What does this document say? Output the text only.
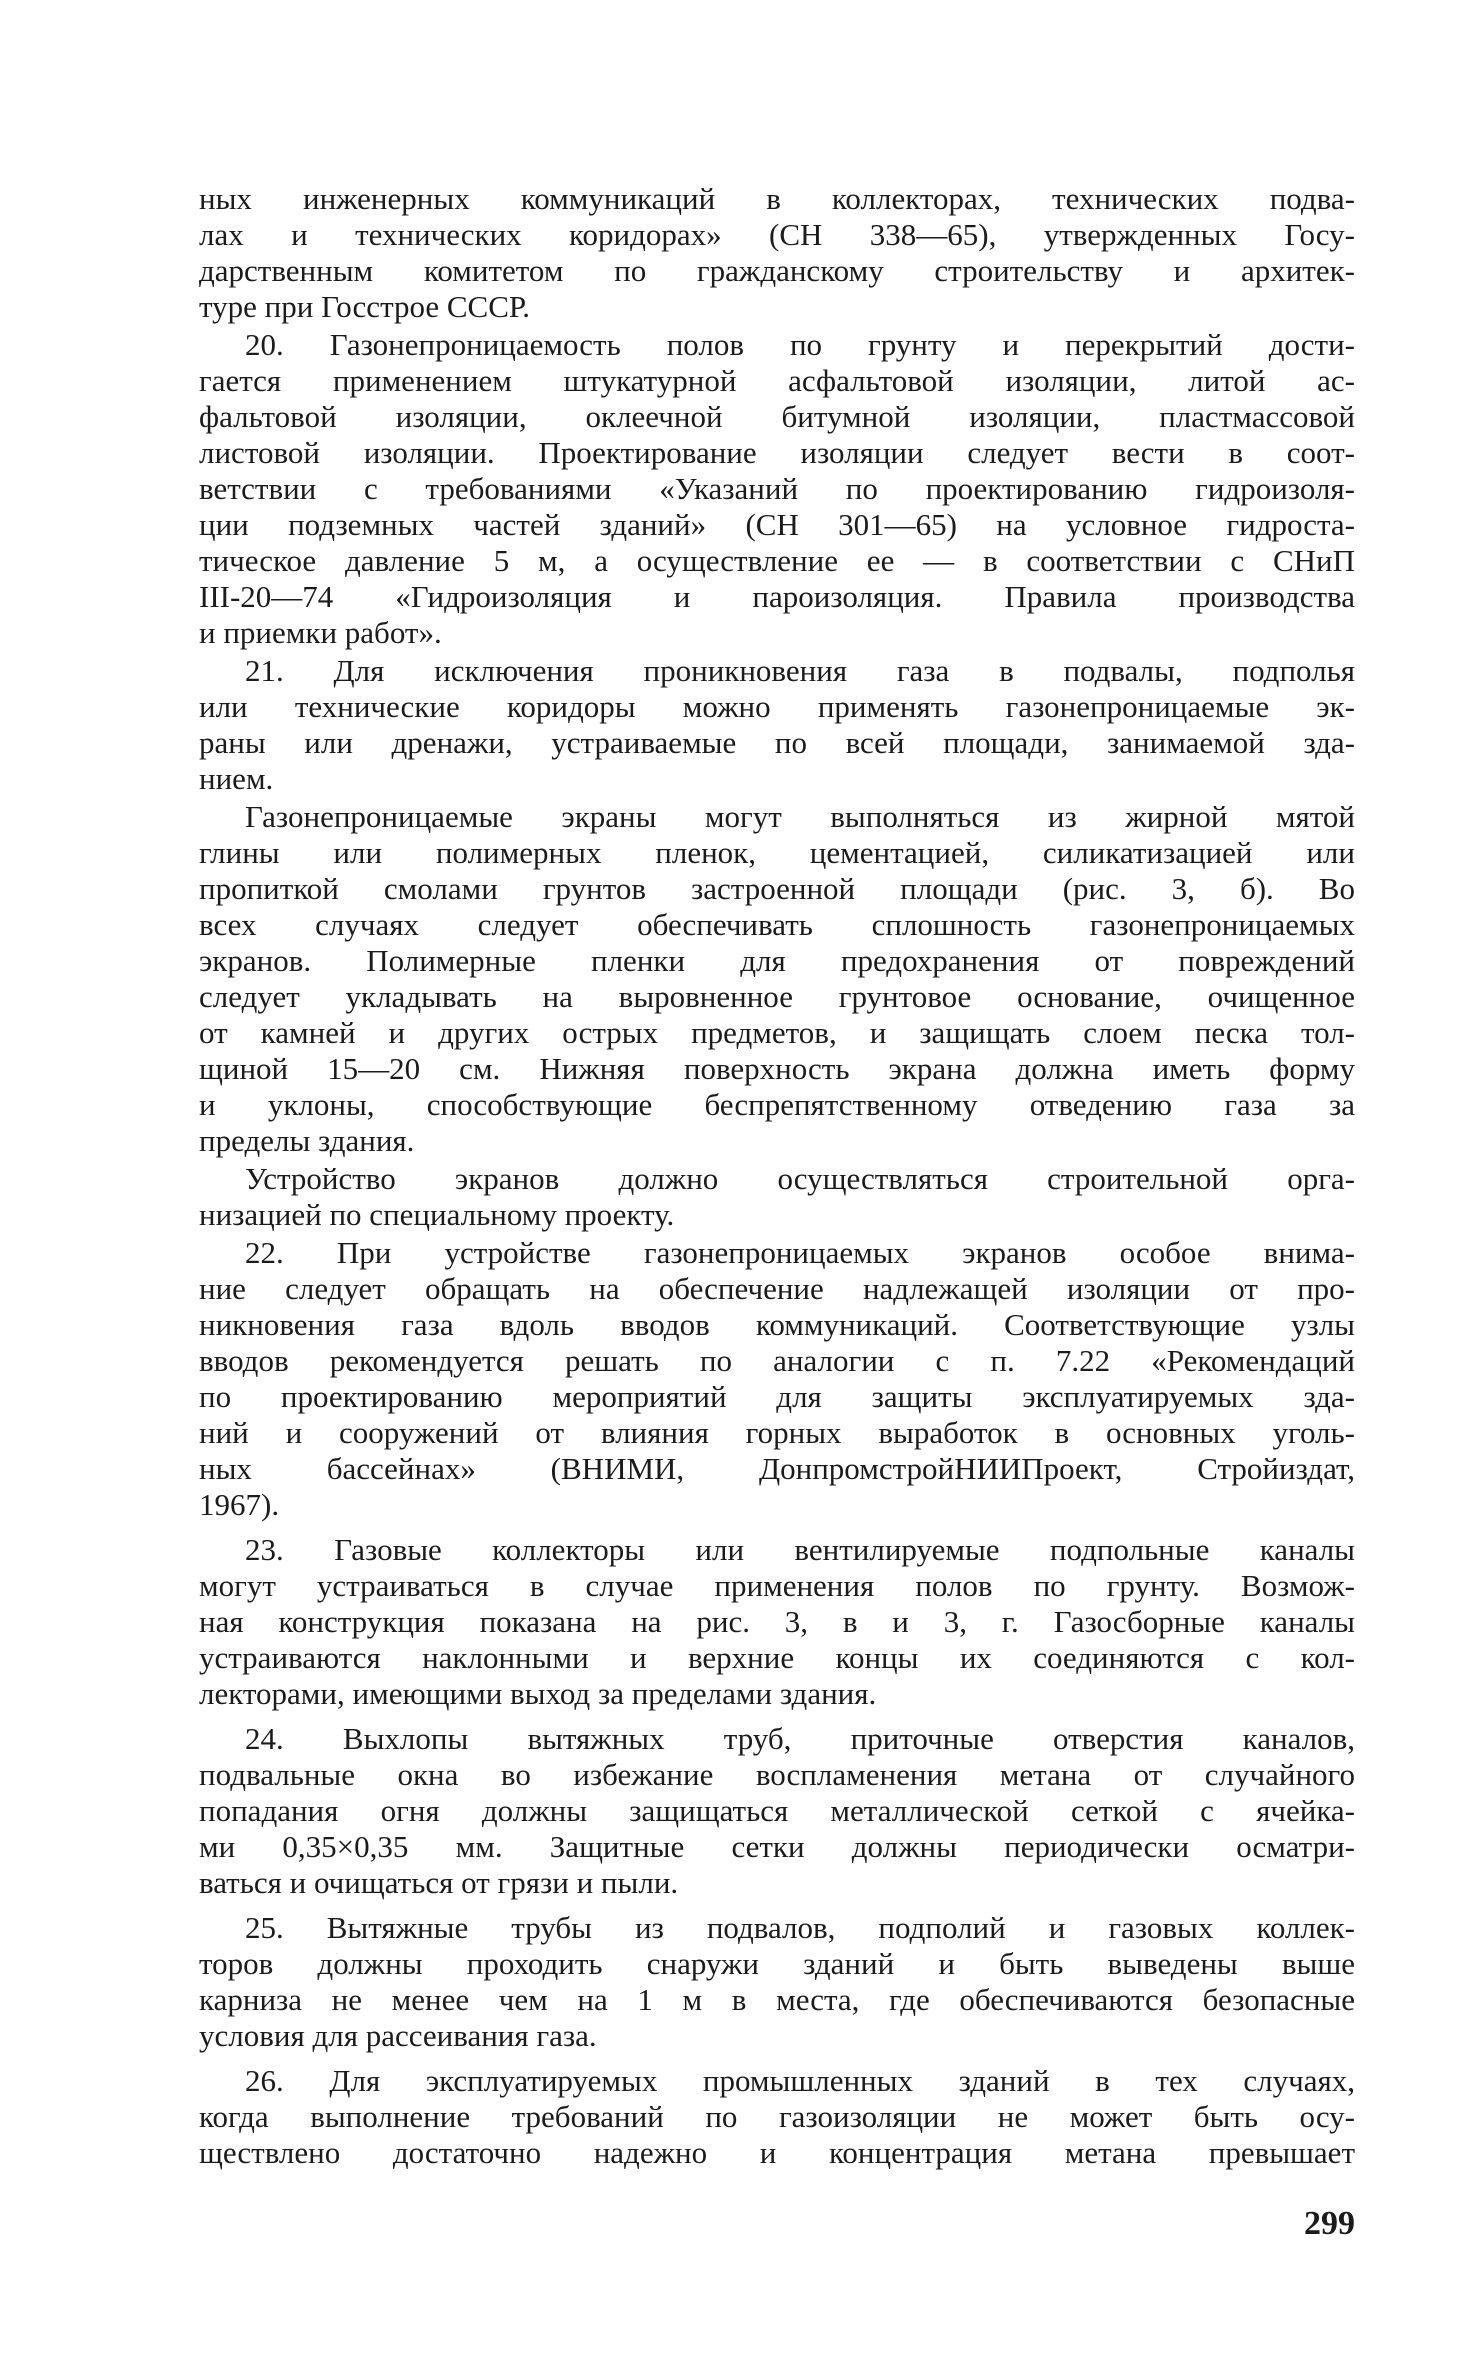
ных инженерных коммуникаций в коллекторах, технических подва-
лах и технических коридорах» (СН 338—65), утвержденных Госу-
дарственным комитетом по гражданскому строительству и архитек-
туре при Госстрое СССР.
20. Газонепроницаемость полов по грунту и перекрытий дости-
гается применением штукатурной асфальтовой изоляции, литой ас-
фальтовой изоляции, оклеечной битумной изоляции, пластмассовой
листовой изоляции. Проектирование изоляции следует вести в соот-
ветствии с требованиями «Указаний по проектированию гидроизоля-
ции подземных частей зданий» (СН 301—65) на условное гидроста-
тическое давление 5 м, а осуществление ее — в соответствии с СНиП
III-20—74 «Гидроизоляция и пароизоляция. Правила производства
и приемки работ».
21. Для исключения проникновения газа в подвалы, подполья
или технические коридоры можно применять газонепроницаемые эк-
раны или дренажи, устраиваемые по всей площади, занимаемой зда-
нием.
Газонепроницаемые экраны могут выполняться из жирной мятой
глины или полимерных пленок, цементацией, силикатизацией или
пропиткой смолами грунтов застроенной площади (рис. 3, б). Во
всех случаях следует обеспечивать сплошность газонепроницаемых
экранов. Полимерные пленки для предохранения от повреждений
следует укладывать на выровненное грунтовое основание, очищенное
от камней и других острых предметов, и защищать слоем песка тол-
щиной 15—20 см. Нижняя поверхность экрана должна иметь форму
и уклоны, способствующие беспрепятственному отведению газа за
пределы здания.
Устройство экранов должно осуществляться строительной орга-
низацией по специальному проекту.
22. При устройстве газонепроницаемых экранов особое внима-
ние следует обращать на обеспечение надлежащей изоляции от про-
никновения газа вдоль вводов коммуникаций. Соответствующие узлы
вводов рекомендуется решать по аналогии с п. 7.22 «Рекомендаций
по проектированию мероприятий для защиты эксплуатируемых зда-
ний и сооружений от влияния горных выработок в основных уголь-
ных бассейнах» (ВНИМИ, ДонпромстройНИИПроект, Стройиздат,
1967).
23. Газовые коллекторы или вентилируемые подпольные каналы
могут устраиваться в случае применения полов по грунту. Возмож-
ная конструкция показана на рис. 3, в и 3, г. Газосборные каналы
устраиваются наклонными и верхние концы их соединяются с кол-
лекторами, имеющими выход за пределами здания.
24. Выхлопы вытяжных труб, приточные отверстия каналов,
подвальные окна во избежание воспламенения метана от случайного
попадания огня должны защищаться металлической сеткой с ячейка-
ми 0,35×0,35 мм. Защитные сетки должны периодически осматри-
ваться и очищаться от грязи и пыли.
25. Вытяжные трубы из подвалов, подполий и газовых коллек-
торов должны проходить снаружи зданий и быть выведены выше
карниза не менее чем на 1 м в места, где обеспечиваются безопасные
условия для рассеивания газа.
26. Для эксплуатируемых промышленных зданий в тех случаях,
когда выполнение требований по газоизоляции не может быть осу-
ществлено достаточно надежно и концентрация метана превышает
299
